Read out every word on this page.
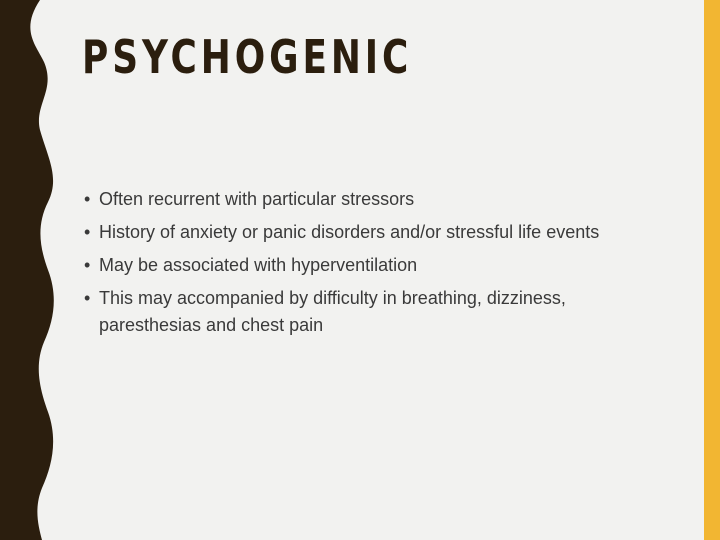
PSYCHOGENIC
• Often recurrent with particular stressors
• History of anxiety or panic disorders and/or stressful life events
• May be associated with hyperventilation
• This may accompanied by difficulty in breathing, dizziness, paresthesias and chest pain
